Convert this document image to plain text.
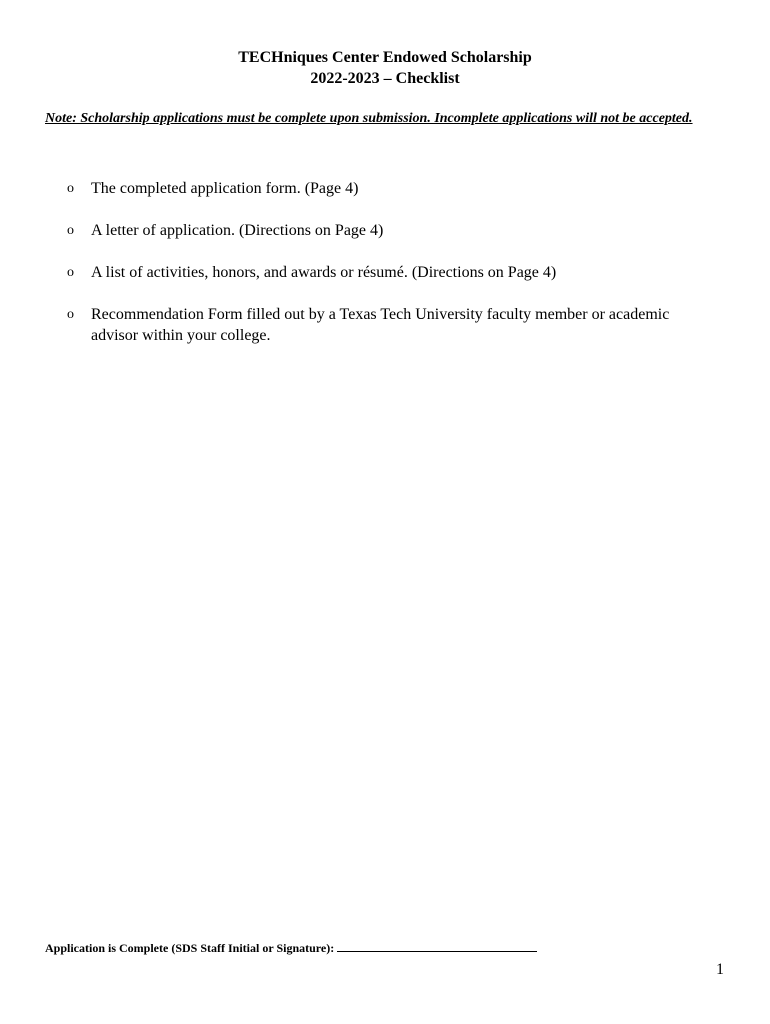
TECHniques Center Endowed Scholarship
2022-2023 – Checklist
Note: Scholarship applications must be complete upon submission. Incomplete applications will not be accepted.
o	The completed application form. (Page 4)
o	A letter of application. (Directions on Page 4)
o	A list of activities, honors, and awards or résumé. (Directions on Page 4)
o	Recommendation Form filled out by a Texas Tech University faculty member or academic advisor within your college.
Application is Complete (SDS Staff Initial or Signature):
1
